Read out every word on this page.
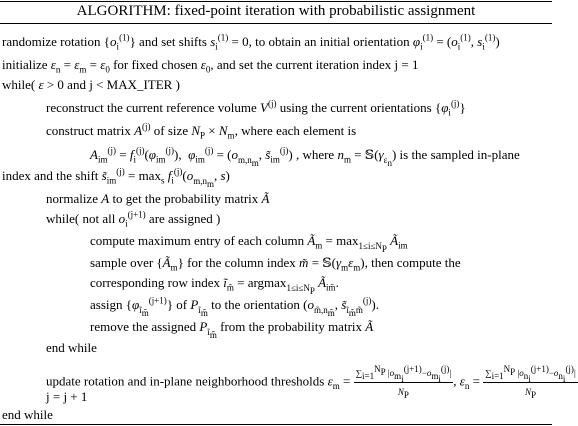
ALGORITHM: fixed-point iteration with probabilistic assignment
randomize rotation $\{o_i^{(1)}\}$ and set shifts $s_i^{(1)} = 0$, to obtain an initial orientation $\varphi_i^{(1)} = (o_i^{(1)}$, $s_i^{(1)}$)
initialize $\varepsilon_n = \varepsilon_m = \varepsilon_0$ for fixed chosen $\varepsilon_0$, and set the current iteration index j = 1
while( ε > 0 and j < MAX_ITER )
reconstruct the current reference volume $V^{(j)}$ using the current orientations $\{\varphi_i^{(j)}\}$
construct matrix $A^{(j)}$ of size $N_P \times N_m$, where each element is
$A_{im}^{(j)} = f_i^{(j)}(\varphi_{im}^{(j)})$,  $\varphi_{im}^{(j)} = (o_{m,n_m}$, $s̃_{im}^{(j)}$) , where $n_m$ = $𝕊(\gamma_{\varepsilon_n})$ is the sampled in-plane
index and the shift $s̃_{im}^{(j)} = \max_s f_i^{(j)}(o_{m,n_m}$, s)
normalize A to get the probability matrix Ã
while( not all $o_i^{(j+1)}$ are assigned )
compute maximum entry of each column $Ã_m = \max_{1\le i\le N_P}$ $Ã_{im}$
sample over $\{Ã_m\}$ for the column index m̃ = $𝕊(\gamma_m\varepsilon_m)$, then compute the
corresponding row index $ĩ_{m̃} = argmax_{1\le i\le N_P}$ $Ã_{im̃}$.
assign $\{\varphi_{ĩ_{m̃}}^{(j+1)}\}$ of $P_{ĩ_{m̃}}$ to the orientation ($o_{m̃,n_{m̃}}$, $s̃_{ĩ_{m̃}m̃}^{(j)}$).
remove the assigned $P_{ĩ_{m̃}}$ from the probability matrix Ã
end while
update rotation and in-plane neighborhood thresholds $\varepsilon_m = \frac{\sum_{i=1}^{N_P} |o_{m_i}^{(j+1)}-o_{m_i}^{(j)}|}{N_P}$ , $\varepsilon_n = \frac{\sum_{i=1}^{N_P} |o_{n_i}^{(j+1)}-o_{n_i}^{(j)}|}{N_P}$
j = j + 1
end while
